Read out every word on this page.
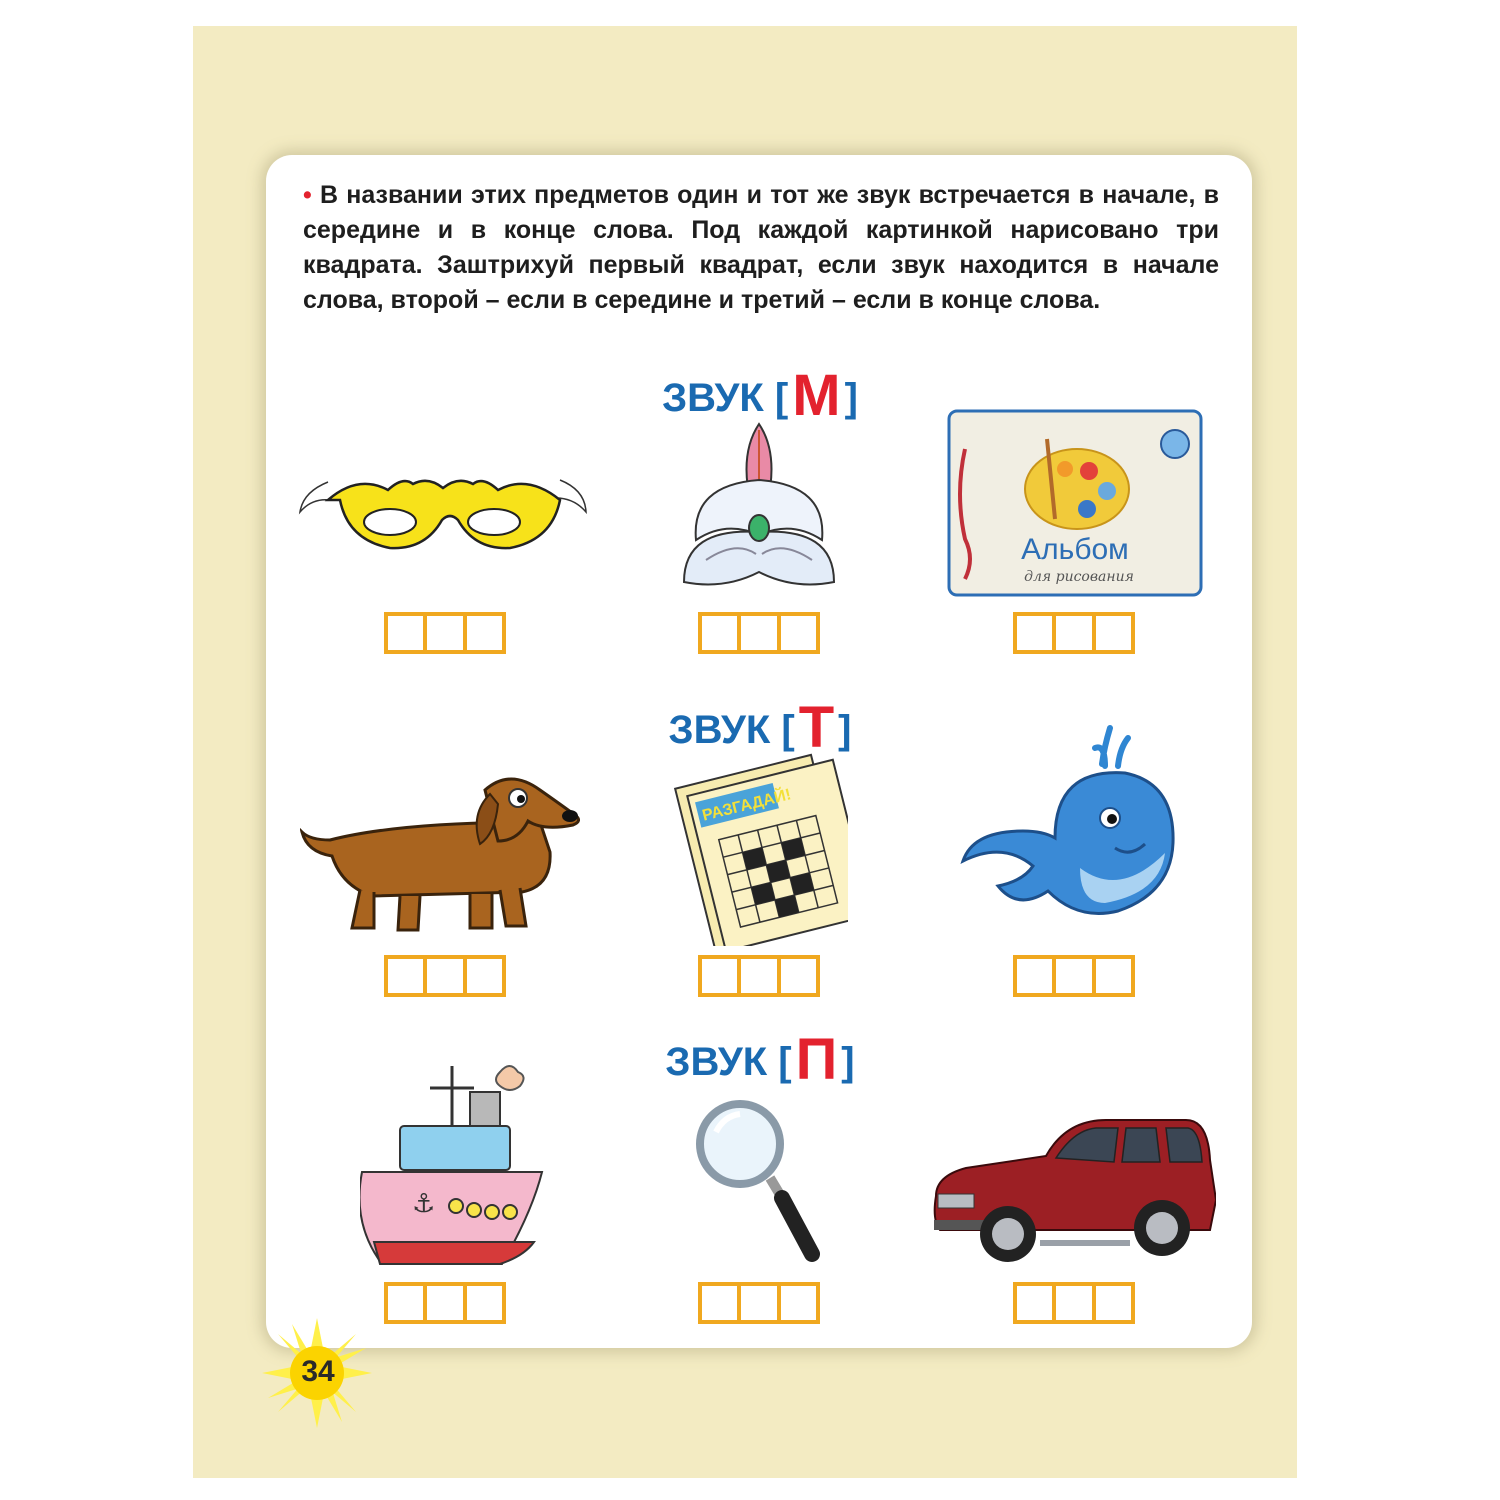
• В названии этих предметов один и тот же звук встречается в начале, в середине и в конце слова. Под каждой картинкой нарисовано три квадрата. Заштрихуй первый квадрат, если звук находится в начале слова, второй – если в середине и третий – если в конце слова.

ЗВУК [М ]
ЗВУК [Т ]
ЗВУК [П ]
Альбом
для рисования
РАЗГАДАЙ!
⚓
34
